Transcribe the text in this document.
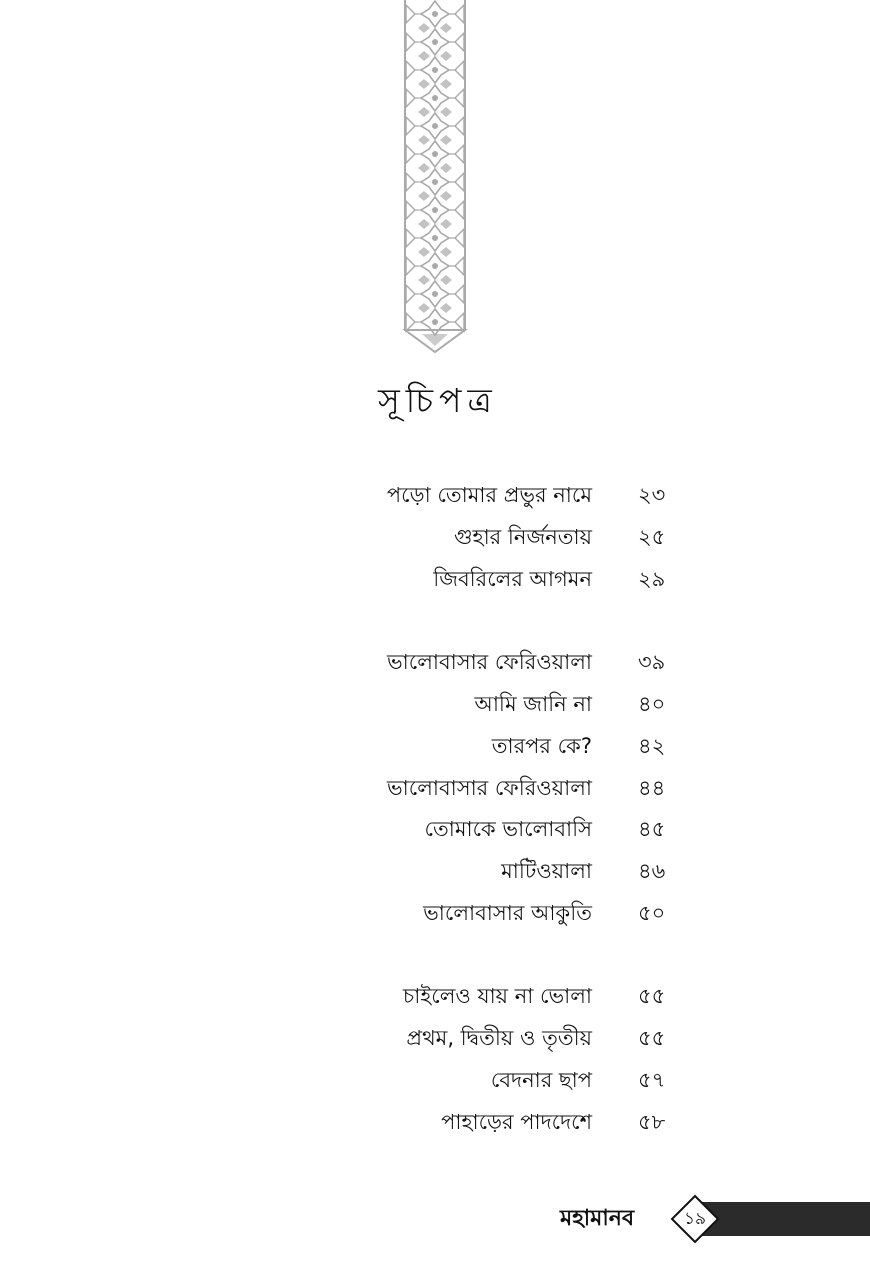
সূচিপত্র
পড়ো তোমার প্রভুর নামে ২৩
গুহার নির্জনতায় ২৫
জিবরিলের আগমন ২৯
ভালোবাসার ফেরিওয়ালা ৩৯
আমি জানি না ৪০
তারপর কে? ৪২
ভালোবাসার ফেরিওয়ালা ৪৪
তোমাকে ভালোবাসি ৪৫
মাটিওয়ালা ৪৬
ভালোবাসার আকুতি ৫০
চাইলেও যায় না ভোলা ৫৫
প্রথম, দ্বিতীয় ও তৃতীয় ৫৫
বেদনার ছাপ ৫৭
পাহাড়ের পাদদেশে ৫৮
মহামানব	১৯
